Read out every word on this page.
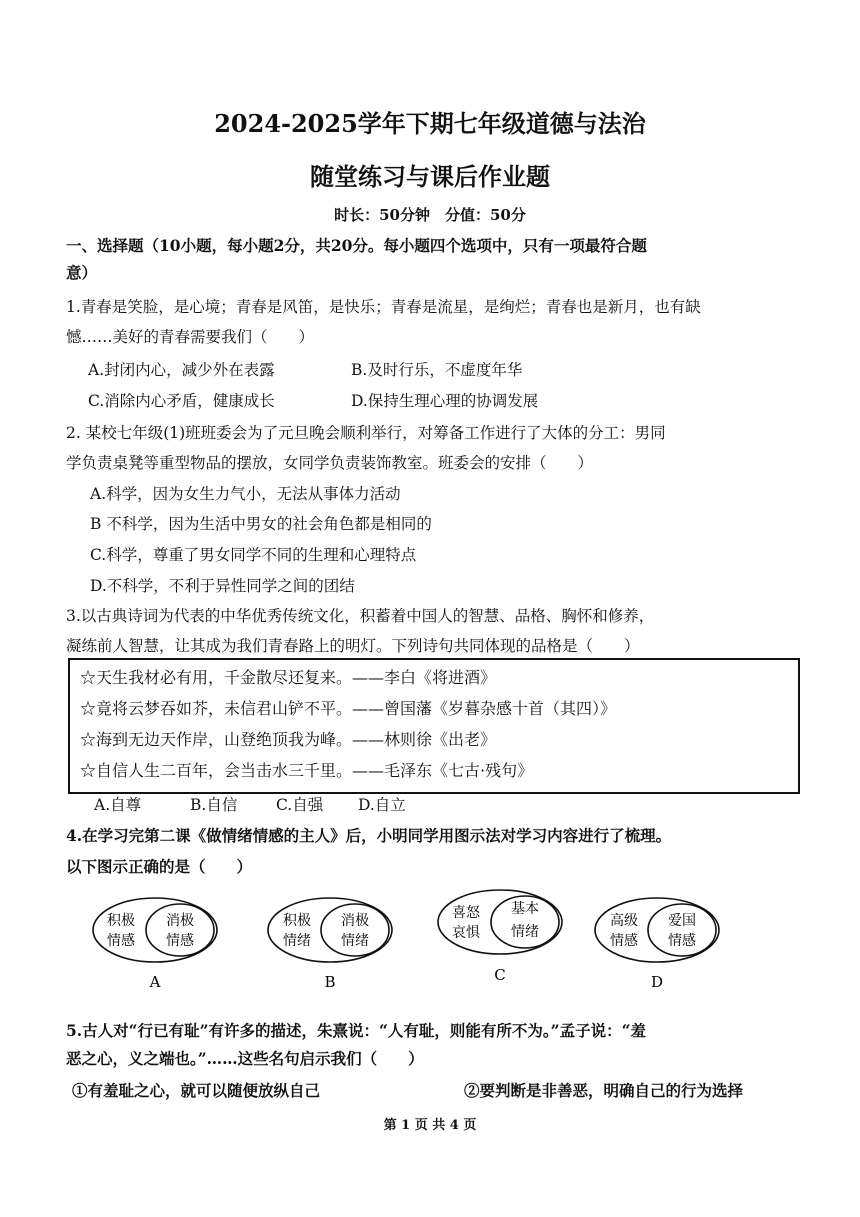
2024-2025学年下期七年级道德与法治
随堂练习与课后作业题
时长：50分钟　分值：50分
一、选择题（10小题，每小题2分，共20分。每小题四个选项中，只有一项最符合题
意）
1.青春是笑脸，是心境；青春是风笛，是快乐；青春是流星，是绚烂；青春也是新月，也有缺
憾……美好的青春需要我们（　　）
A.封闭内心，减少外在表露	B.及时行乐，不虚度年华
C.消除内心矛盾，健康成长	D.保持生理心理的协调发展
2. 某校七年级(1)班班委会为了元旦晚会顺利举行，对筹备工作进行了大体的分工：男同
学负责桌凳等重型物品的摆放，女同学负责装饰教室。班委会的安排（　　）
A.科学，因为女生力气小，无法从事体力活动
B 不科学，因为生活中男女的社会角色都是相同的
C.科学，尊重了男女同学不同的生理和心理特点
D.不科学，不利于异性同学之间的团结
3.以古典诗词为代表的中华优秀传统文化，积蓄着中国人的智慧、品格、胸怀和修养，
凝练前人智慧，让其成为我们青春路上的明灯。下列诗句共同体现的品格是（　　）
☆天生我材必有用，千金散尽还复来。——李白《将进酒》
☆竟将云梦吞如芥，未信君山铲不平。——曾国藩《岁暮杂感十首（其四）》
☆海到无边天作岸，山登绝顶我为峰。——林则徐《出老》
☆自信人生二百年，会当击水三千里。——毛泽东《七古·残句》
A.自尊	B.自信 C.自强 D.自立
4.在学习完第二课《做情绪情感的主人》后，小明同学用图示法对学习内容进行了梳理。
以下图示正确的是（　　）
积极
情感
消极
情感
A
积极
情绪
消极
情绪
B
喜怒
哀惧
基本
情绪
C
高级
情感
爱国
情感
D
5.古人对“行已有耻”有许多的描述，朱熹说：“人有耻，则能有所不为。”孟子说：“羞
恶之心，义之端也。”……这些名句启示我们（　　）
①有羞耻之心，就可以随便放纵自己	②要判断是非善恶，明确自己的行为选择
第 1 页 共 4 页
